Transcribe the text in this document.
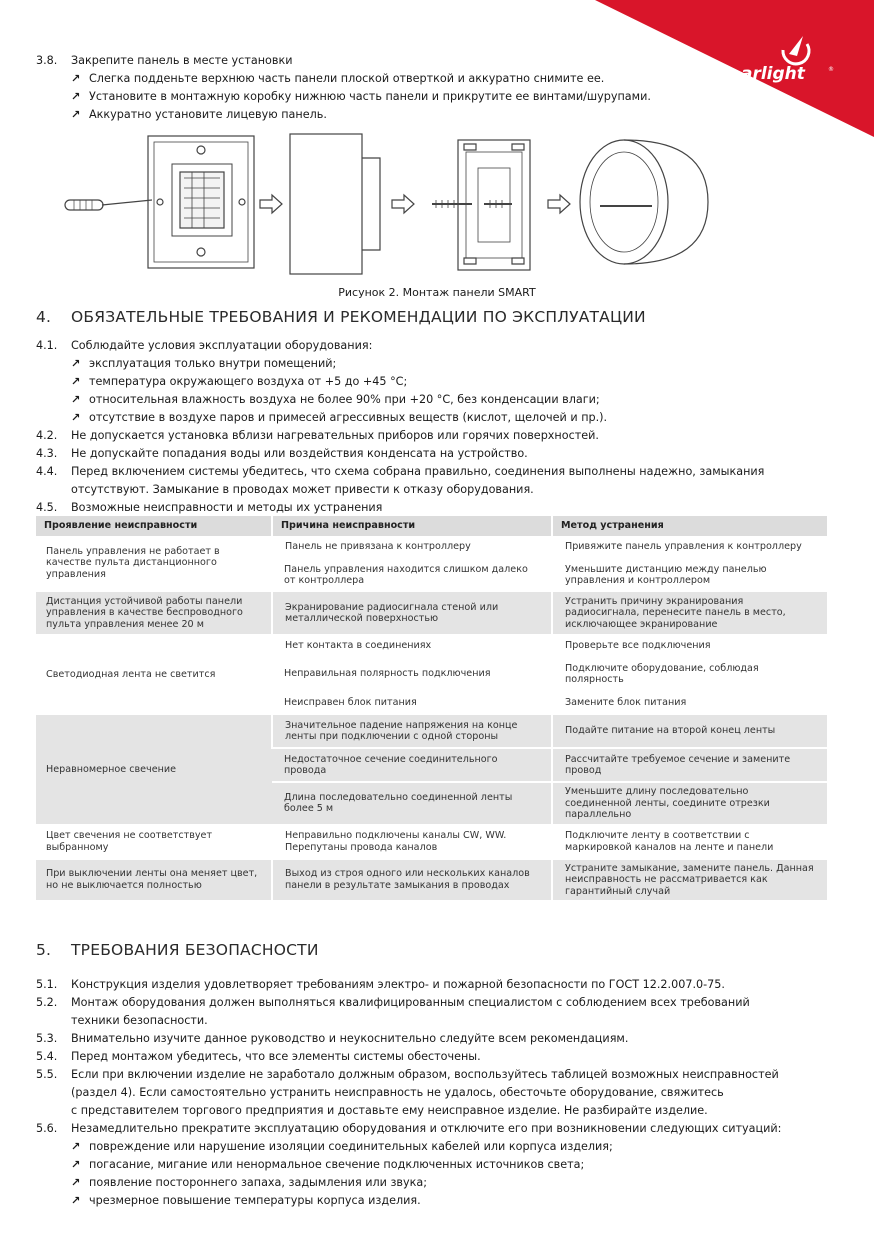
arlight	®
3.8. Закрепите панель в месте установки
↗ Слегка подденьте верхнюю часть панели плоской отверткой и аккуратно снимите ее.
↗ Установите в монтажную коробку нижнюю часть панели и прикрутите ее винтами/шурупами.
↗ Аккуратно установите лицевую панель.
Рисунок 2. Монтаж панели SMART
4. ОБЯЗАТЕЛЬНЫЕ ТРЕБОВАНИЯ И РЕКОМЕНДАЦИИ ПО ЭКСПЛУАТАЦИИ
4.1. Соблюдайте условия эксплуатации оборудования:
↗ эксплуатация только внутри помещений;
↗ температура окружающего воздуха от +5 до +45 °C;
↗ относительная влажность воздуха не более 90% при +20 °C, без конденсации влаги;
↗ отсутствие в воздухе паров и примесей агрессивных веществ (кислот, щелочей и пр.).
4.2. Не допускается установка вблизи нагревательных приборов или горячих поверхностей.
4.3. Не допускайте попадания воды или воздействия конденсата на устройство.
4.4. Перед включением системы убедитесь, что схема собрана правильно, соединения выполнены надежно, замыкания
отсутствуют. Замыкание в проводах может привести к отказу оборудования.
4.5. Возможные неисправности и методы их устранения
Проявление неисправности	Причина неисправности	Метод устранения
Панель управления не работает в качестве пульта дистанционного управления	Панель не привязана к контроллеру	Привяжите панель управления к контроллеру
	Панель управления находится слишком далеко от контроллера	Уменьшите дистанцию между панелью управления и контроллером
Дистанция устойчивой работы панели управления в качестве беспроводного пульта управления менее 20 м	Экранирование радиосигнала стеной или металлической поверхностью	Устранить причину экранирования радиосигнала, перенесите панель в место, исключающее экранирование
Светодиодная лента не светится	Нет контакта в соединениях	Проверьте все подключения
	Неправильная полярность подключения	Подключите оборудование, соблюдая полярность
	Неисправен блок питания	Замените блок питания
Неравномерное свечение	Значительное падение напряжения на конце ленты при подключении с одной стороны	Подайте питание на второй конец ленты
	Недостаточное сечение соединительного провода	Рассчитайте требуемое сечение и замените провод
	Длина последовательно соединенной ленты более 5 м	Уменьшите длину последовательно соединенной ленты, соедините отрезки параллельно
Цвет свечения не соответствует выбранному	Неправильно подключены каналы CW, WW. Перепутаны провода каналов	Подключите ленту в соответствии с маркировкой каналов на ленте и панели
При выключении ленты она меняет цвет, но не выключается полностью	Выход из строя одного или нескольких каналов панели в результате замыкания в проводах	Устраните замыкание, замените панель. Данная неисправность не рассматривается как гарантийный случай
5. ТРЕБОВАНИЯ БЕЗОПАСНОСТИ
5.1. Конструкция изделия удовлетворяет требованиям электро- и пожарной безопасности по ГОСТ 12.2.007.0-75.
5.2. Монтаж оборудования должен выполняться квалифицированным специалистом с соблюдением всех требований
техники безопасности.
5.3. Внимательно изучите данное руководство и неукоснительно следуйте всем рекомендациям.
5.4. Перед монтажом убедитесь, что все элементы системы обесточены.
5.5. Если при включении изделие не заработало должным образом, воспользуйтесь таблицей возможных неисправностей
(раздел 4). Если самостоятельно устранить неисправность не удалось, обесточьте оборудование, свяжитесь
с представителем торгового предприятия и доставьте ему неисправное изделие. Не разбирайте изделие.
5.6. Незамедлительно прекратите эксплуатацию оборудования и отключите его при возникновении следующих ситуаций:
↗ повреждение или нарушение изоляции соединительных кабелей или корпуса изделия;
↗ погасание, мигание или ненормальное свечение подключенных источников света;
↗ появление постороннего запаха, задымления или звука;
↗ чрезмерное повышение температуры корпуса изделия.
